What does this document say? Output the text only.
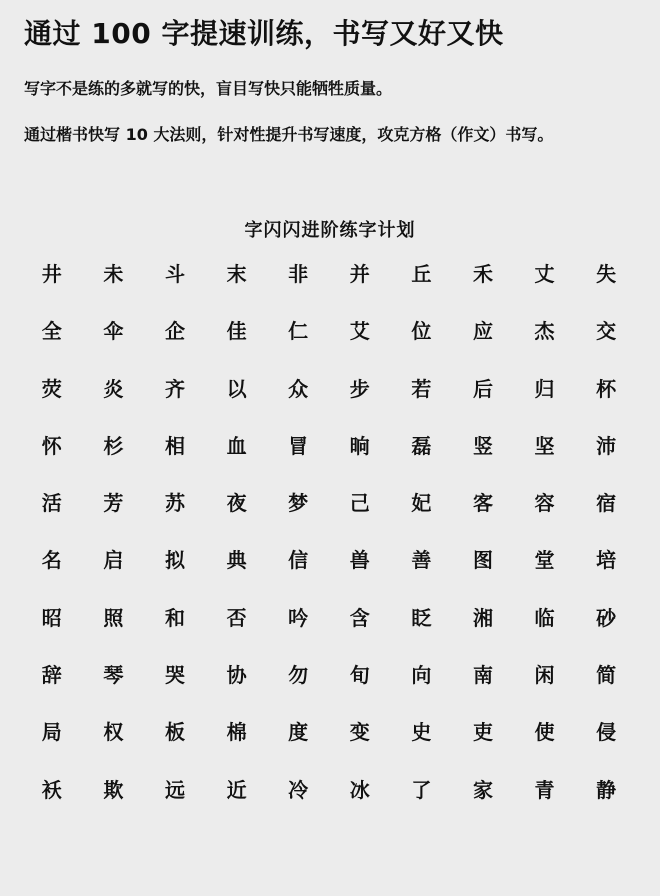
通过 100 字提速训练，书写又好又快
写字不是练的多就写的快，盲目写快只能牺牲质量。
通过楷书快写 10 大法则，针对性提升书写速度，攻克方格（作文）书写。
字闪闪进阶练字计划
井	未	斗	末	非	并	丘	禾	丈	失
全	伞	企	佳	仁	艾	位	应	杰	交
荧	炎	齐	以	众	步	若	后	归	杯
怀	杉	相	血	冒	晌	磊	竖	坚	沛
活	芳	苏	夜	梦	己	妃	客	容	宿
名	启	拟	典	信	兽	善	图	堂	培
昭	照	和	否	吟	含	眨	湘	临	砂
辞	琴	哭	协	勿	旬	向	南	闲	简
局	权	板	棉	度	变	史	吏	使	侵
袄	欺	远	近	冷	冰	了	家	青	静
